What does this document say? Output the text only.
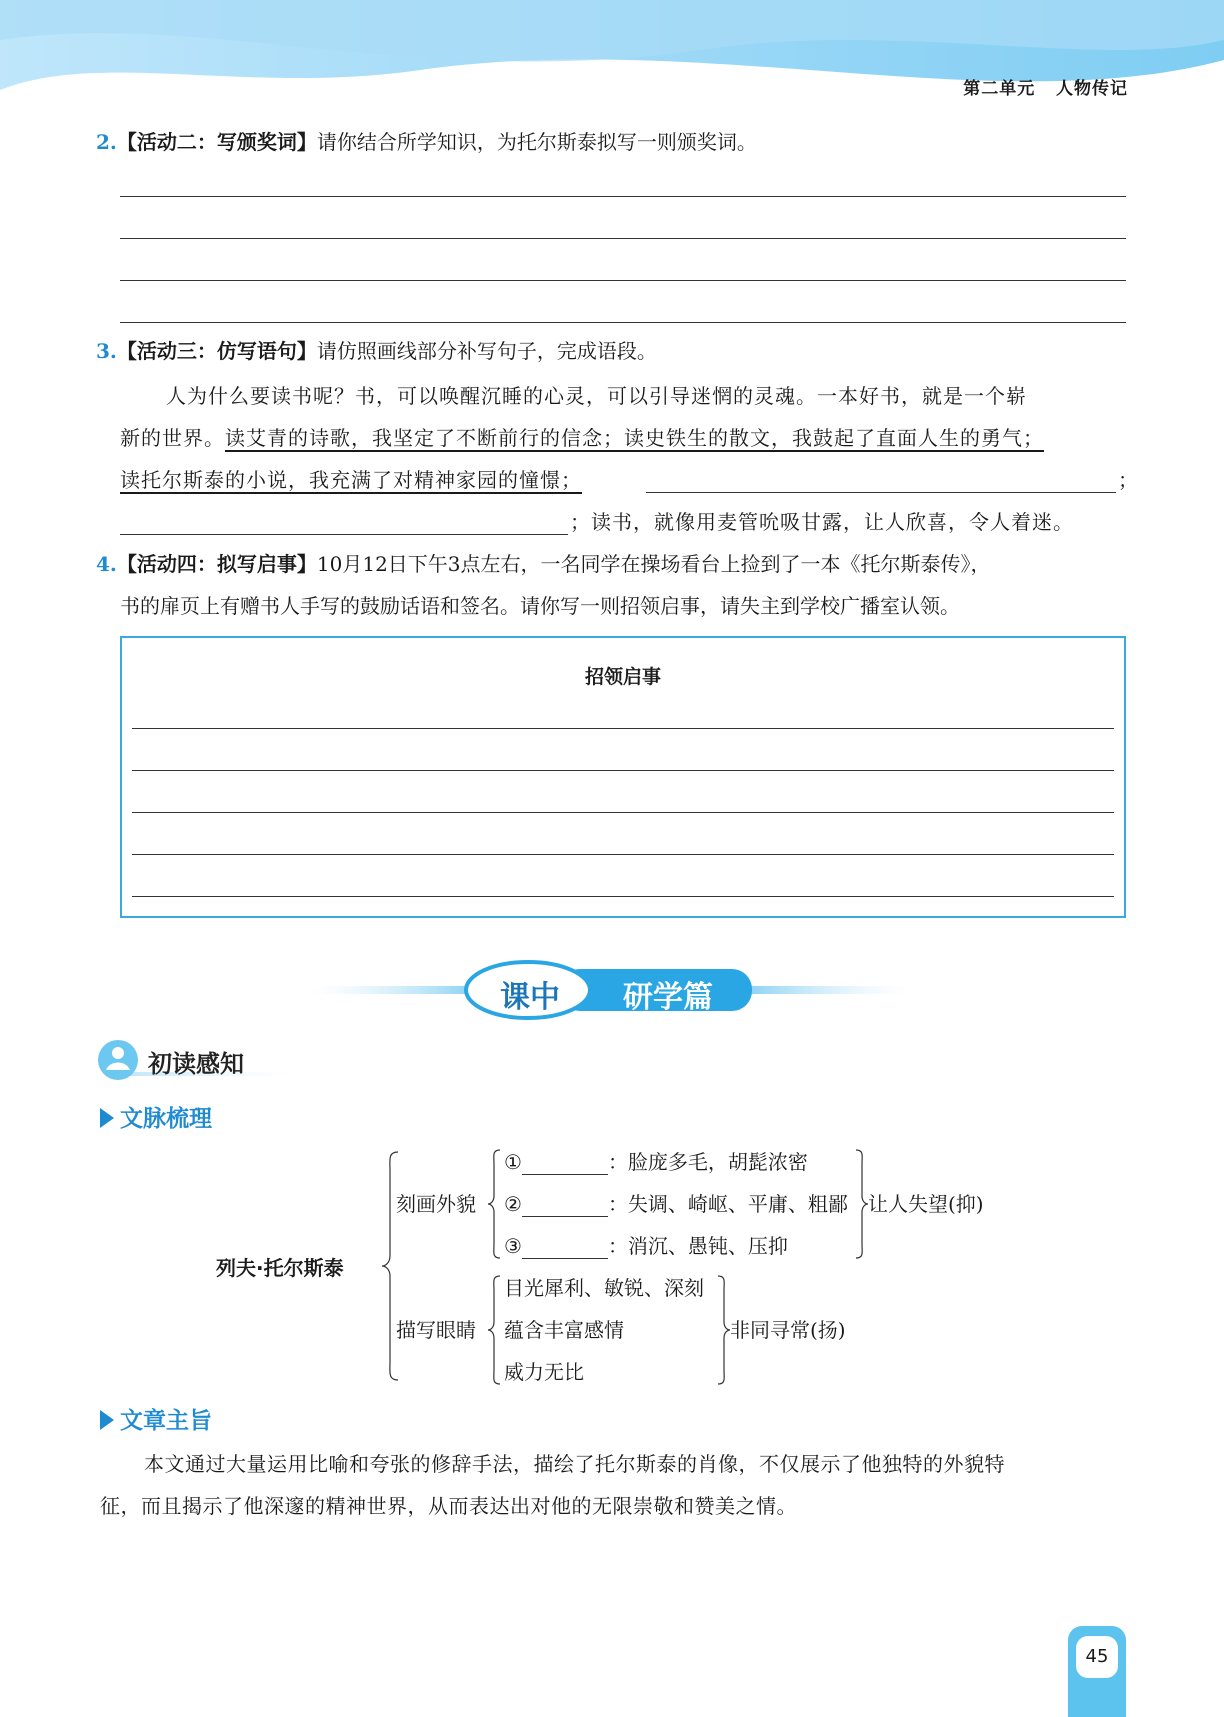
第二单元 人物传记
2.【活动二：写颁奖词】请你结合所学知识，为托尔斯泰拟写一则颁奖词。
3.【活动三：仿写语句】请仿照画线部分补写句子，完成语段。
人为什么要读书呢？书，可以唤醒沉睡的心灵，可以引导迷惘的灵魂。一本好书，就是一个崭
新的世界。读艾青的诗歌，我坚定了不断前行的信念；读史铁生的散文，我鼓起了直面人生的勇气；
读托尔斯泰的小说，我充满了对精神家园的憧憬；	；
；读书，就像用麦管吮吸甘露，让人欣喜，令人着迷。
4.【活动四：拟写启事】10月12日下午3点左右，一名同学在操场看台上捡到了一本《托尔斯泰传》，
书的扉页上有赠书人手写的鼓励话语和签名。请你写一则招领启事，请失主到学校广播室认领。
招领启事
课中	研学篇
初读感知
文脉梳理
列夫·托尔斯泰
刻画外貌
①	：脸庞多毛，胡髭浓密
②	：失调、崎岖、平庸、粗鄙
③	：消沉、愚钝、压抑
让人失望(抑)
描写眼睛
目光犀利、敏锐、深刻
蕴含丰富感情
威力无比
非同寻常(扬)
文章主旨
本文通过大量运用比喻和夸张的修辞手法，描绘了托尔斯泰的肖像，不仅展示了他独特的外貌特
征，而且揭示了他深邃的精神世界，从而表达出对他的无限崇敬和赞美之情。
45
